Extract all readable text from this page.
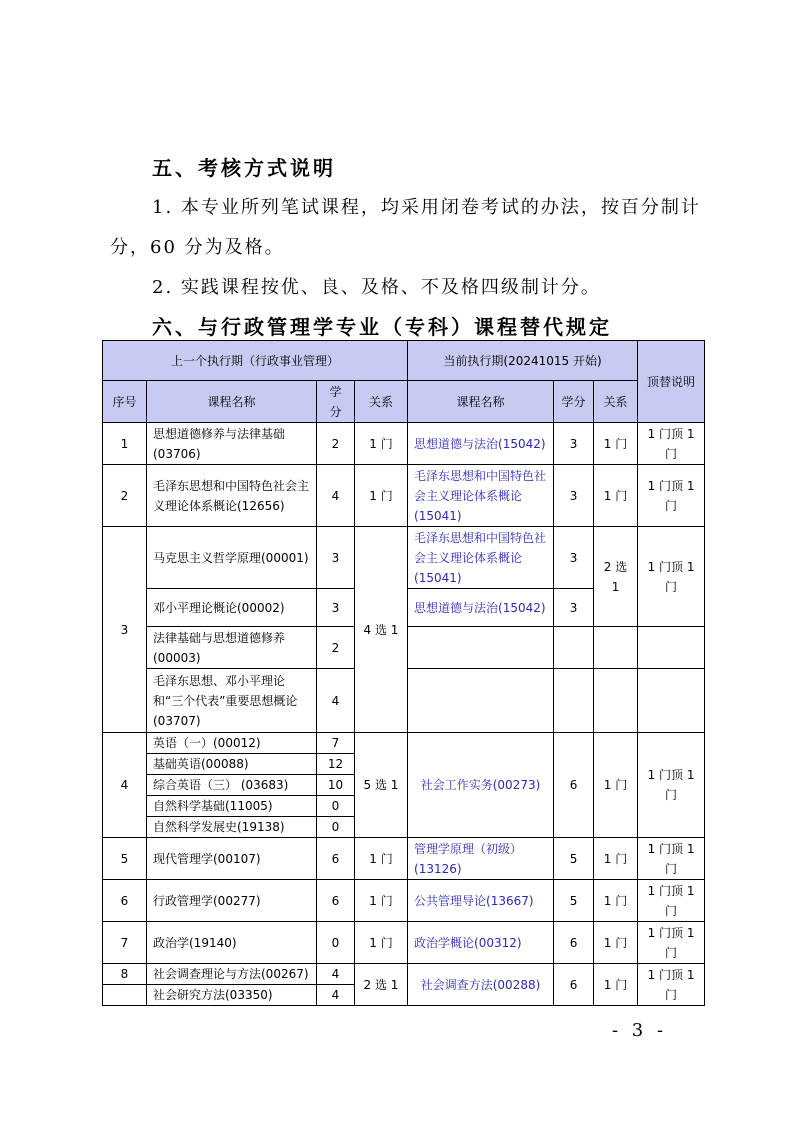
五、考核方式说明
1. 本专业所列笔试课程，均采用闭卷考试的办法，按百分制计
分，60 分为及格。
2. 实践课程按优、良、及格、不及格四级制计分。
六、与行政管理学专业（专科）课程替代规定
上一个执行期（行政事业管理）				当前执行期(20241015 开始)			顶替说明
序号	课程名称	学分	关系	课程名称	学分	关系	
1	思想道德修养与法律基础(03706)	2	1 门	思想道德与法治(15042)	3	1 门	1 门顶 1 门
2	毛泽东思想和中国特色社会主义理论体系概论(12656)	4	1 门	毛泽东思想和中国特色社会主义理论体系概论(15041)	3	1 门	1 门顶 1 门
3	马克思主义哲学原理(00001)	3	4 选 1	毛泽东思想和中国特色社会主义理论体系概论(15041)	3	2 选 1	1 门顶 1 门
	邓小平理论概论(00002)	3		思想道德与法治(15042)	3		
	法律基础与思想道德修养(00003)	2					
	毛泽东思想、邓小平理论和“三个代表”重要思想概论(03707)	4					
4	英语（一）(00012)	7	5 选 1	社会工作实务(00273)	6	1 门	1 门顶 1 门
	基础英语(00088)	12					
	综合英语（三） (03683)	10					
	自然科学基础(11005)	0					
	自然科学发展史(19138)	0					
5	现代管理学(00107)	6	1 门	管理学原理（初级）(13126)	5	1 门	1 门顶 1 门
6	行政管理学(00277)	6	1 门	公共管理导论(13667)	5	1 门	1 门顶 1 门
7	政治学(19140)	0	1 门	政治学概论(00312)	6	1 门	1 门顶 1 门
8	社会调查理论与方法(00267)	4	2 选 1	社会调查方法(00288)	6	1 门	1 门顶 1 门
	社会研究方法(03350)	4					
- 3 -
